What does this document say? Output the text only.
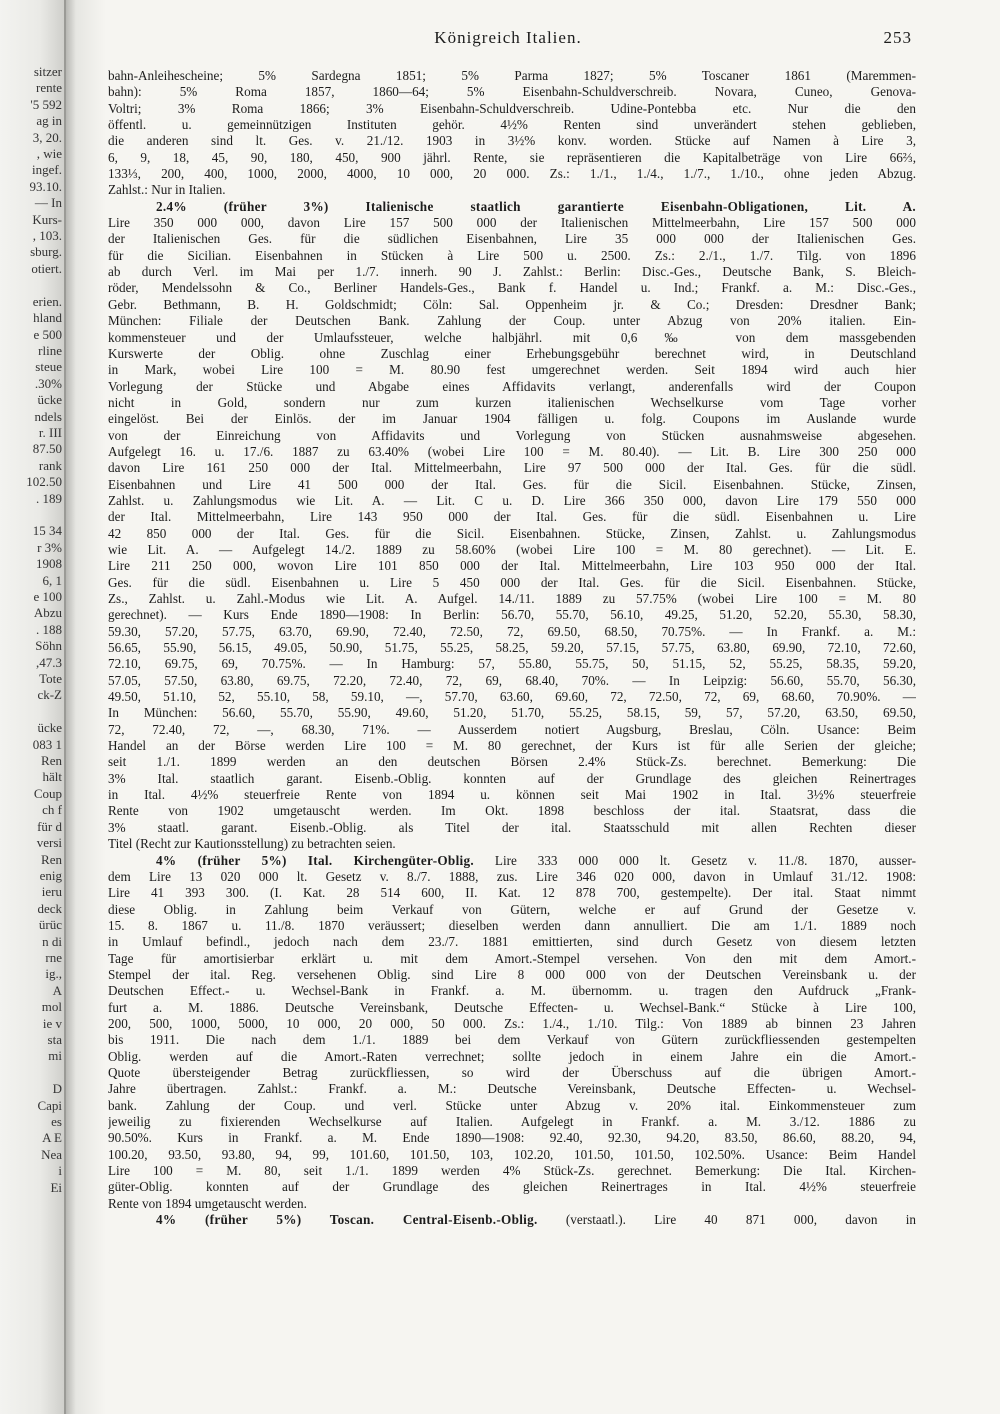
sitzer
rente
'5 592
ag in
3, 20.
, wie
ingef.
93.10.
— In
Kurs-
, 103.
sburg.
otiert.

erien.
hland
e 500
rline
steue
.30%
ücke
ndels
r. III
87.50
rank
102.50
. 189

15 34
r 3%
1908
6, 1
e 100
Abzu
. 188
Söhn
,47.3
Tote
ck-Z

ücke
083 1
Ren
hält
Coup
ch f
für d
versi
Ren
enig
ieru
deck
ürüc
n di
rne
ig.,
A
mol
ie v
sta
mi

D
Capi
es
A E
Nea
i
Ei
Königreich Italien.	253
bahn-Anleihescheine; 5% Sardegna 1851; 5% Parma 1827; 5% Toscaner 1861 (Maremmen-
bahn): 5% Roma 1857, 1860—64; 5% Eisenbahn-Schuldverschreib. Novara, Cuneo, Genova-
Voltri; 3% Roma 1866; 3% Eisenbahn-Schuldverschreib. Udine-Pontebba etc. Nur die den
öffentl. u. gemeinnützigen Instituten gehör. 4½% Renten sind unverändert stehen geblieben,
die anderen sind lt. Ges. v. 21./12. 1903 in 3½% konv. worden. Stücke auf Namen à Lire 3,
6, 9, 18, 45, 90, 180, 450, 900 jährl. Rente, sie repräsentieren die Kapitalbeträge von Lire 66⅔,
133⅓, 200, 400, 1000, 2000, 4000, 10 000, 20 000. Zs.: 1./1., 1./4., 1./7., 1./10., ohne jeden Abzug.
Zahlst.: Nur in Italien.
2.4% (früher 3%) Italienische staatlich garantierte Eisenbahn-Obligationen, Lit. A.
Lire 350 000 000, davon Lire 157 500 000 der Italienischen Mittelmeerbahn, Lire 157 500 000
der Italienischen Ges. für die südlichen Eisenbahnen, Lire 35 000 000 der Italienischen Ges.
für die Sicilian. Eisenbahnen in Stücken à Lire 500 u. 2500. Zs.: 2./1., 1./7. Tilg. von 1896
ab durch Verl. im Mai per 1./7. innerh. 90 J. Zahlst.: Berlin: Disc.-Ges., Deutsche Bank, S. Bleich-
röder, Mendelssohn & Co., Berliner Handels-Ges., Bank f. Handel u. Ind.; Frankf. a. M.: Disc.-Ges.,
Gebr. Bethmann, B. H. Goldschmidt; Cöln: Sal. Oppenheim jr. & Co.; Dresden: Dresdner Bank;
München: Filiale der Deutschen Bank. Zahlung der Coup. unter Abzug von 20% italien. Ein-
kommensteuer und der Umlaufssteuer, welche halbjährl. mit 0,6‰ von dem massgebenden
Kurswerte der Oblig. ohne Zuschlag einer Erhebungsgebühr berechnet wird, in Deutschland
in Mark, wobei Lire 100 = M. 80.90 fest umgerechnet werden. Seit 1894 wird auch hier
Vorlegung der Stücke und Abgabe eines Affidavits verlangt, anderenfalls wird der Coupon
nicht in Gold, sondern nur zum kurzen italienischen Wechselkurse vom Tage vorher
eingelöst. Bei der Einlös. der im Januar 1904 fälligen u. folg. Coupons im Auslande wurde
von der Einreichung von Affidavits und Vorlegung von Stücken ausnahmsweise abgesehen.
Aufgelegt 16. u. 17./6. 1887 zu 63.40% (wobei Lire 100 = M. 80.40). — Lit. B. Lire 300 250 000
davon Lire 161 250 000 der Ital. Mittelmeerbahn, Lire 97 500 000 der Ital. Ges. für die südl.
Eisenbahnen und Lire 41 500 000 der Ital. Ges. für die Sicil. Eisenbahnen. Stücke, Zinsen,
Zahlst. u. Zahlungsmodus wie Lit. A. — Lit. C u. D. Lire 366 350 000, davon Lire 179 550 000
der Ital. Mittelmeerbahn, Lire 143 950 000 der Ital. Ges. für die südl. Eisenbahnen u. Lire
42 850 000 der Ital. Ges. für die Sicil. Eisenbahnen. Stücke, Zinsen, Zahlst. u. Zahlungsmodus
wie Lit. A. — Aufgelegt 14./2. 1889 zu 58.60% (wobei Lire 100 = M. 80 gerechnet). — Lit. E.
Lire 211 250 000, wovon Lire 101 850 000 der Ital. Mittelmeerbahn, Lire 103 950 000 der Ital.
Ges. für die südl. Eisenbahnen u. Lire 5 450 000 der Ital. Ges. für die Sicil. Eisenbahnen. Stücke,
Zs., Zahlst. u. Zahl.-Modus wie Lit. A. Aufgel. 14./11. 1889 zu 57.75% (wobei Lire 100 = M. 80
gerechnet). — Kurs Ende 1890—1908: In Berlin: 56.70, 55.70, 56.10, 49.25, 51.20, 52.20, 55.30, 58.30,
59.30, 57.20, 57.75, 63.70, 69.90, 72.40, 72.50, 72, 69.50, 68.50, 70.75%. — In Frankf. a. M.:
56.65, 55.90, 56.15, 49.05, 50.90, 51.75, 55.25, 58.25, 59.20, 57.15, 57.75, 63.80, 69.90, 72.10, 72.60,
72.10, 69.75, 69, 70.75%. — In Hamburg: 57, 55.80, 55.75, 50, 51.15, 52, 55.25, 58.35, 59.20,
57.05, 57.50, 63.80, 69.75, 72.20, 72.40, 72, 69, 68.40, 70%. — In Leipzig: 56.60, 55.70, 56.30,
49.50, 51.10, 52, 55.10, 58, 59.10, —, 57.70, 63.60, 69.60, 72, 72.50, 72, 69, 68.60, 70.90%. —
In München: 56.60, 55.70, 55.90, 49.60, 51.20, 51.70, 55.25, 58.15, 59, 57, 57.20, 63.50, 69.50,
72, 72.40, 72, —, 68.30, 71%. — Ausserdem notiert Augsburg, Breslau, Cöln. Usance: Beim
Handel an der Börse werden Lire 100 = M. 80 gerechnet, der Kurs ist für alle Serien der gleiche;
seit 1./1. 1899 werden an den deutschen Börsen 2.4% Stück-Zs. berechnet. Bemerkung: Die
3% Ital. staatlich garant. Eisenb.-Oblig. konnten auf der Grundlage des gleichen Reinertrages
in Ital. 4½% steuerfreie Rente von 1894 u. können seit Mai 1902 in Ital. 3½% steuerfreie
Rente von 1902 umgetauscht werden. Im Okt. 1898 beschloss der ital. Staatsrat, dass die
3% staatl. garant. Eisenb.-Oblig. als Titel der ital. Staatsschuld mit allen Rechten dieser
Titel (Recht zur Kautionsstellung) zu betrachten seien.
4% (früher 5%) Ital. Kirchengüter-Oblig. Lire 333 000 000 lt. Gesetz v. 11./8. 1870, ausser-
dem Lire 13 020 000 lt. Gesetz v. 8./7. 1888, zus. Lire 346 020 000, davon in Umlauf 31./12. 1908:
Lire 41 393 300. (I. Kat. 28 514 600, II. Kat. 12 878 700, gestempelte). Der ital. Staat nimmt
diese Oblig. in Zahlung beim Verkauf von Gütern, welche er auf Grund der Gesetze v.
15. 8. 1867 u. 11./8. 1870 veräussert; dieselben werden dann annulliert. Die am 1./1. 1889 noch
in Umlauf befindl., jedoch nach dem 23./7. 1881 emittierten, sind durch Gesetz von diesem letzten
Tage für amortisierbar erklärt u. mit dem Amort.-Stempel versehen. Von den mit dem Amort.-
Stempel der ital. Reg. versehenen Oblig. sind Lire 8 000 000 von der Deutschen Vereinsbank u. der
Deutschen Effect.- u. Wechsel-Bank in Frankf. a. M. übernomm. u. tragen den Aufdruck „Frank-
furt a. M. 1886. Deutsche Vereinsbank, Deutsche Effecten- u. Wechsel-Bank.“ Stücke à Lire 100,
200, 500, 1000, 5000, 10 000, 20 000, 50 000. Zs.: 1./4., 1./10. Tilg.: Von 1889 ab binnen 23 Jahren
bis 1911. Die nach dem 1./1. 1889 bei dem Verkauf von Gütern zurückfliessenden gestempelten
Oblig. werden auf die Amort.-Raten verrechnet; sollte jedoch in einem Jahre ein die Amort.-
Quote übersteigender Betrag zurückfliessen, so wird der Überschuss auf die übrigen Amort.-
Jahre übertragen. Zahlst.: Frankf. a. M.: Deutsche Vereinsbank, Deutsche Effecten- u. Wechsel-
bank. Zahlung der Coup. und verl. Stücke unter Abzug v. 20% ital. Einkommensteuer zum
jeweilig zu fixierenden Wechselkurse auf Italien. Aufgelegt in Frankf. a. M. 3./12. 1886 zu
90.50%. Kurs in Frankf. a. M. Ende 1890—1908: 92.40, 92.30, 94.20, 83.50, 86.60, 88.20, 94,
100.20, 93.50, 93.80, 94, 99, 101.60, 101.50, 103, 102.20, 101.50, 101.50, 102.50%. Usance: Beim Handel
Lire 100 = M. 80, seit 1./1. 1899 werden 4% Stück-Zs. gerechnet. Bemerkung: Die Ital. Kirchen-
güter-Oblig. konnten auf der Grundlage des gleichen Reinertrages in Ital. 4½% steuerfreie
Rente von 1894 umgetauscht werden.
4% (früher 5%) Toscan. Central-Eisenb.-Oblig. (verstaatl.). Lire 40 871 000, davon in
